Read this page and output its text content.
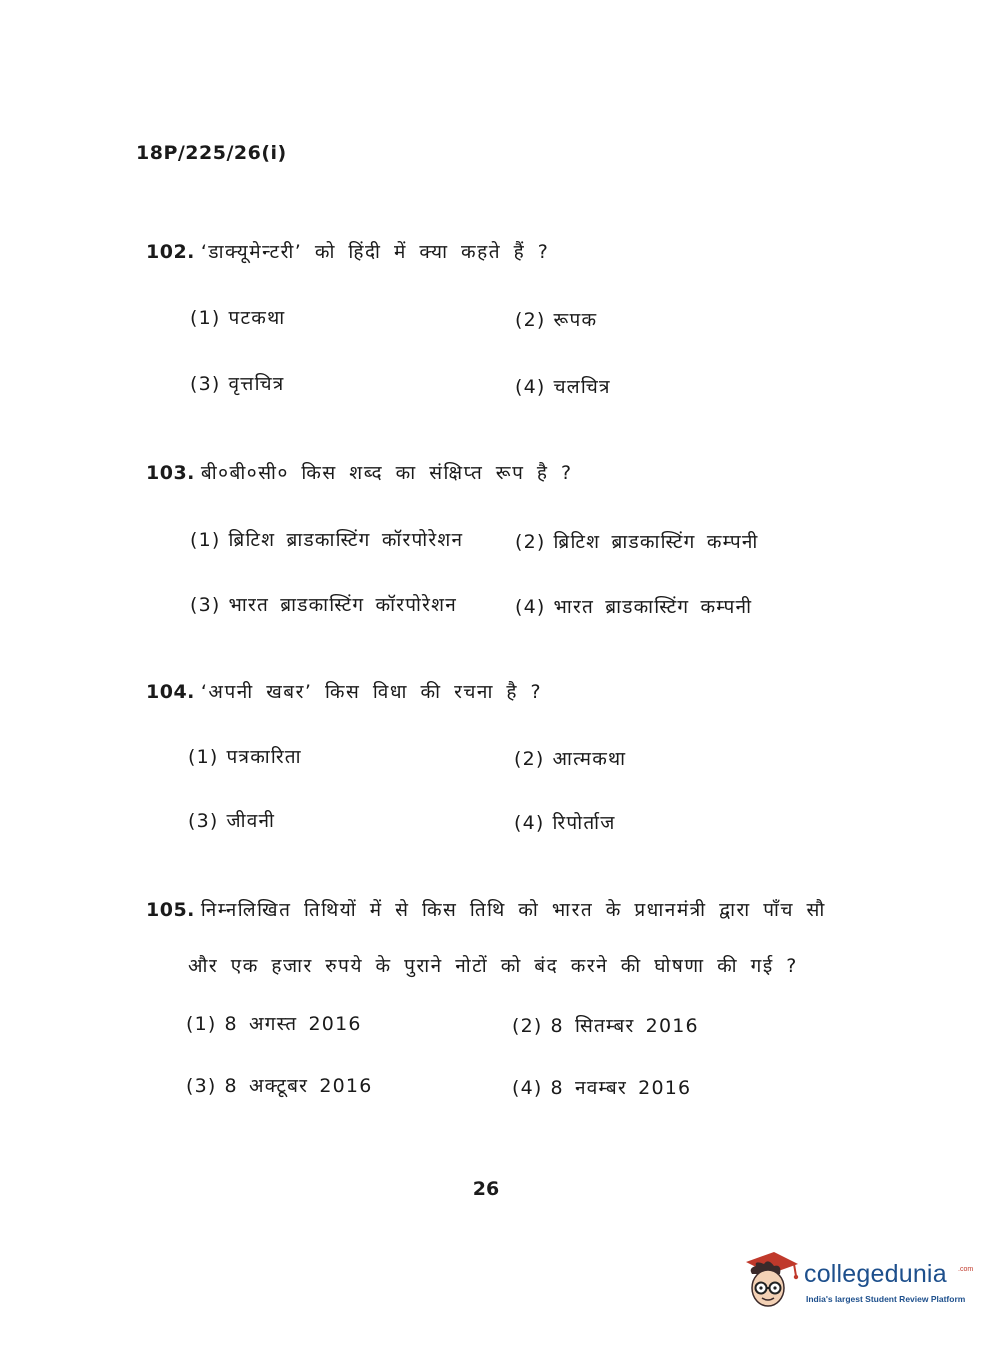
18P/225/26(i)
102. ‘डाक्यूमेन्टरी’ को हिंदी में क्या कहते हैं ?
(1) पटकथा	(2) रूपक
(3) वृत्तचित्र	(4) चलचित्र
103. बी०बी०सी० किस शब्द का संक्षिप्त रूप है ?
(1) ब्रिटिश ब्राडकास्टिंग कॉरपोरेशन	(2) ब्रिटिश ब्राडकास्टिंग कम्पनी
(3) भारत ब्राडकास्टिंग कॉरपोरेशन	(4) भारत ब्राडकास्टिंग कम्पनी
104. ‘अपनी खबर’ किस विधा की रचना है ?
(1) पत्रकारिता	(2) आत्मकथा
(3) जीवनी	(4) रिपोर्ताज
105. निम्नलिखित तिथियों में से किस तिथि को भारत के प्रधानमंत्री द्वारा पाँच सौ
और एक हजार रुपये के पुराने नोटों को बंद करने की घोषणा की गई ?
(1) 8 अगस्त 2016	(2) 8 सितम्बर 2016
(3) 8 अक्टूबर 2016	(4) 8 नवम्बर 2016
26
collegedunia .com
India's largest Student Review Platform
